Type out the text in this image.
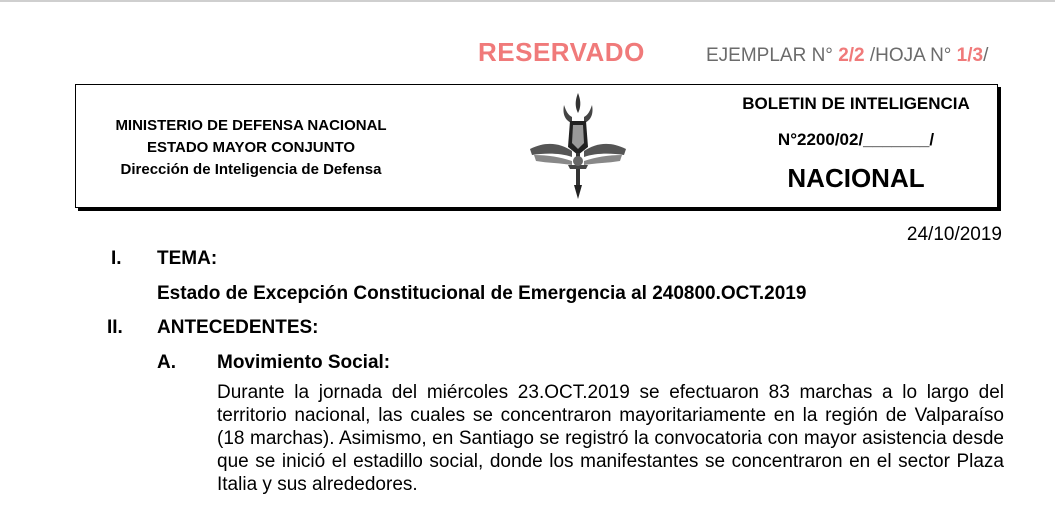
RESERVADO	EJEMPLAR N° 2/2 /HOJA N° 1/3/
MINISTERIO DE DEFENSA NACIONAL
ESTADO MAYOR CONJUNTO
Dirección de Inteligencia de Defensa
BOLETIN DE INTELIGENCIA
N°2200/02/_______/
NACIONAL
24/10/2019
I. TEMA:
Estado de Excepción Constitucional de Emergencia al 240800.OCT.2019
II. ANTECEDENTES:
A. Movimiento Social:
Durante la jornada del miércoles 23.OCT.2019 se efectuaron 83 marchas a lo largo del territorio nacional, las cuales se concentraron mayoritariamente en la región de Valparaíso (18 marchas). Asimismo, en Santiago se registró la convocatoria con mayor asistencia desde que se inició el estadillo social, donde los manifestantes se concentraron en el sector Plaza Italia y sus alrededores.
